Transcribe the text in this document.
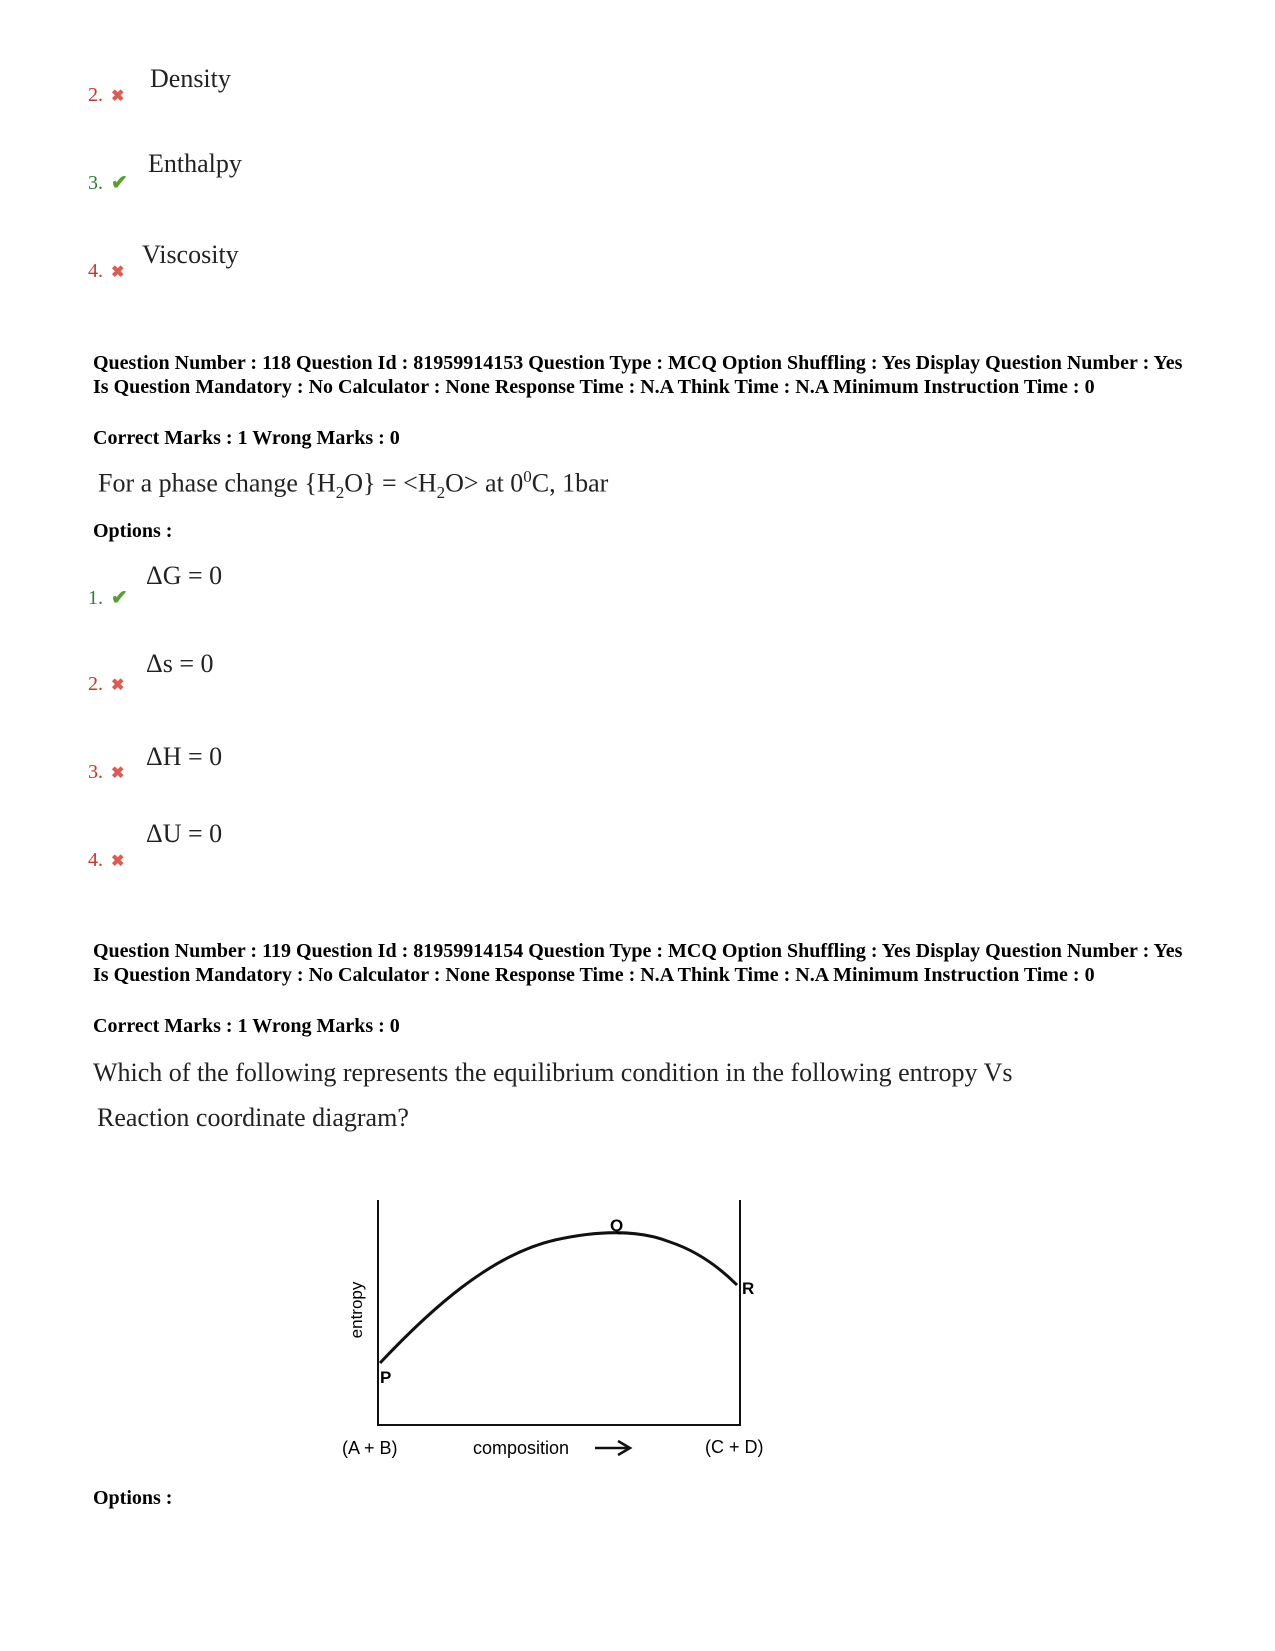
2. ✖
Density
3. ✔
Enthalpy
4. ✖
Viscosity
Question Number : 118 Question Id : 81959914153 Question Type : MCQ Option Shuffling : Yes Display Question Number : Yes Is Question Mandatory : No Calculator : None Response Time : N.A Think Time : N.A Minimum Instruction Time : 0
Correct Marks : 1 Wrong Marks : 0
For a phase change $\{H_2O\} = <H_2O>$ at $0^0C$, 1bar
Options :
1. ✔
ΔG = 0
2. ✖
Δs = 0
3. ✖
ΔH = 0
4. ✖
ΔU = 0
Question Number : 119 Question Id : 81959914154 Question Type : MCQ Option Shuffling : Yes Display Question Number : Yes Is Question Mandatory : No Calculator : None Response Time : N.A Think Time : N.A Minimum Instruction Time : 0
Correct Marks : 1 Wrong Marks : 0
Which of the following represents the equilibrium condition in the following entropy Vs
Reaction coordinate diagram?
Q
R
P
entropy
(A + B)	composition	(C + D)
Options :
